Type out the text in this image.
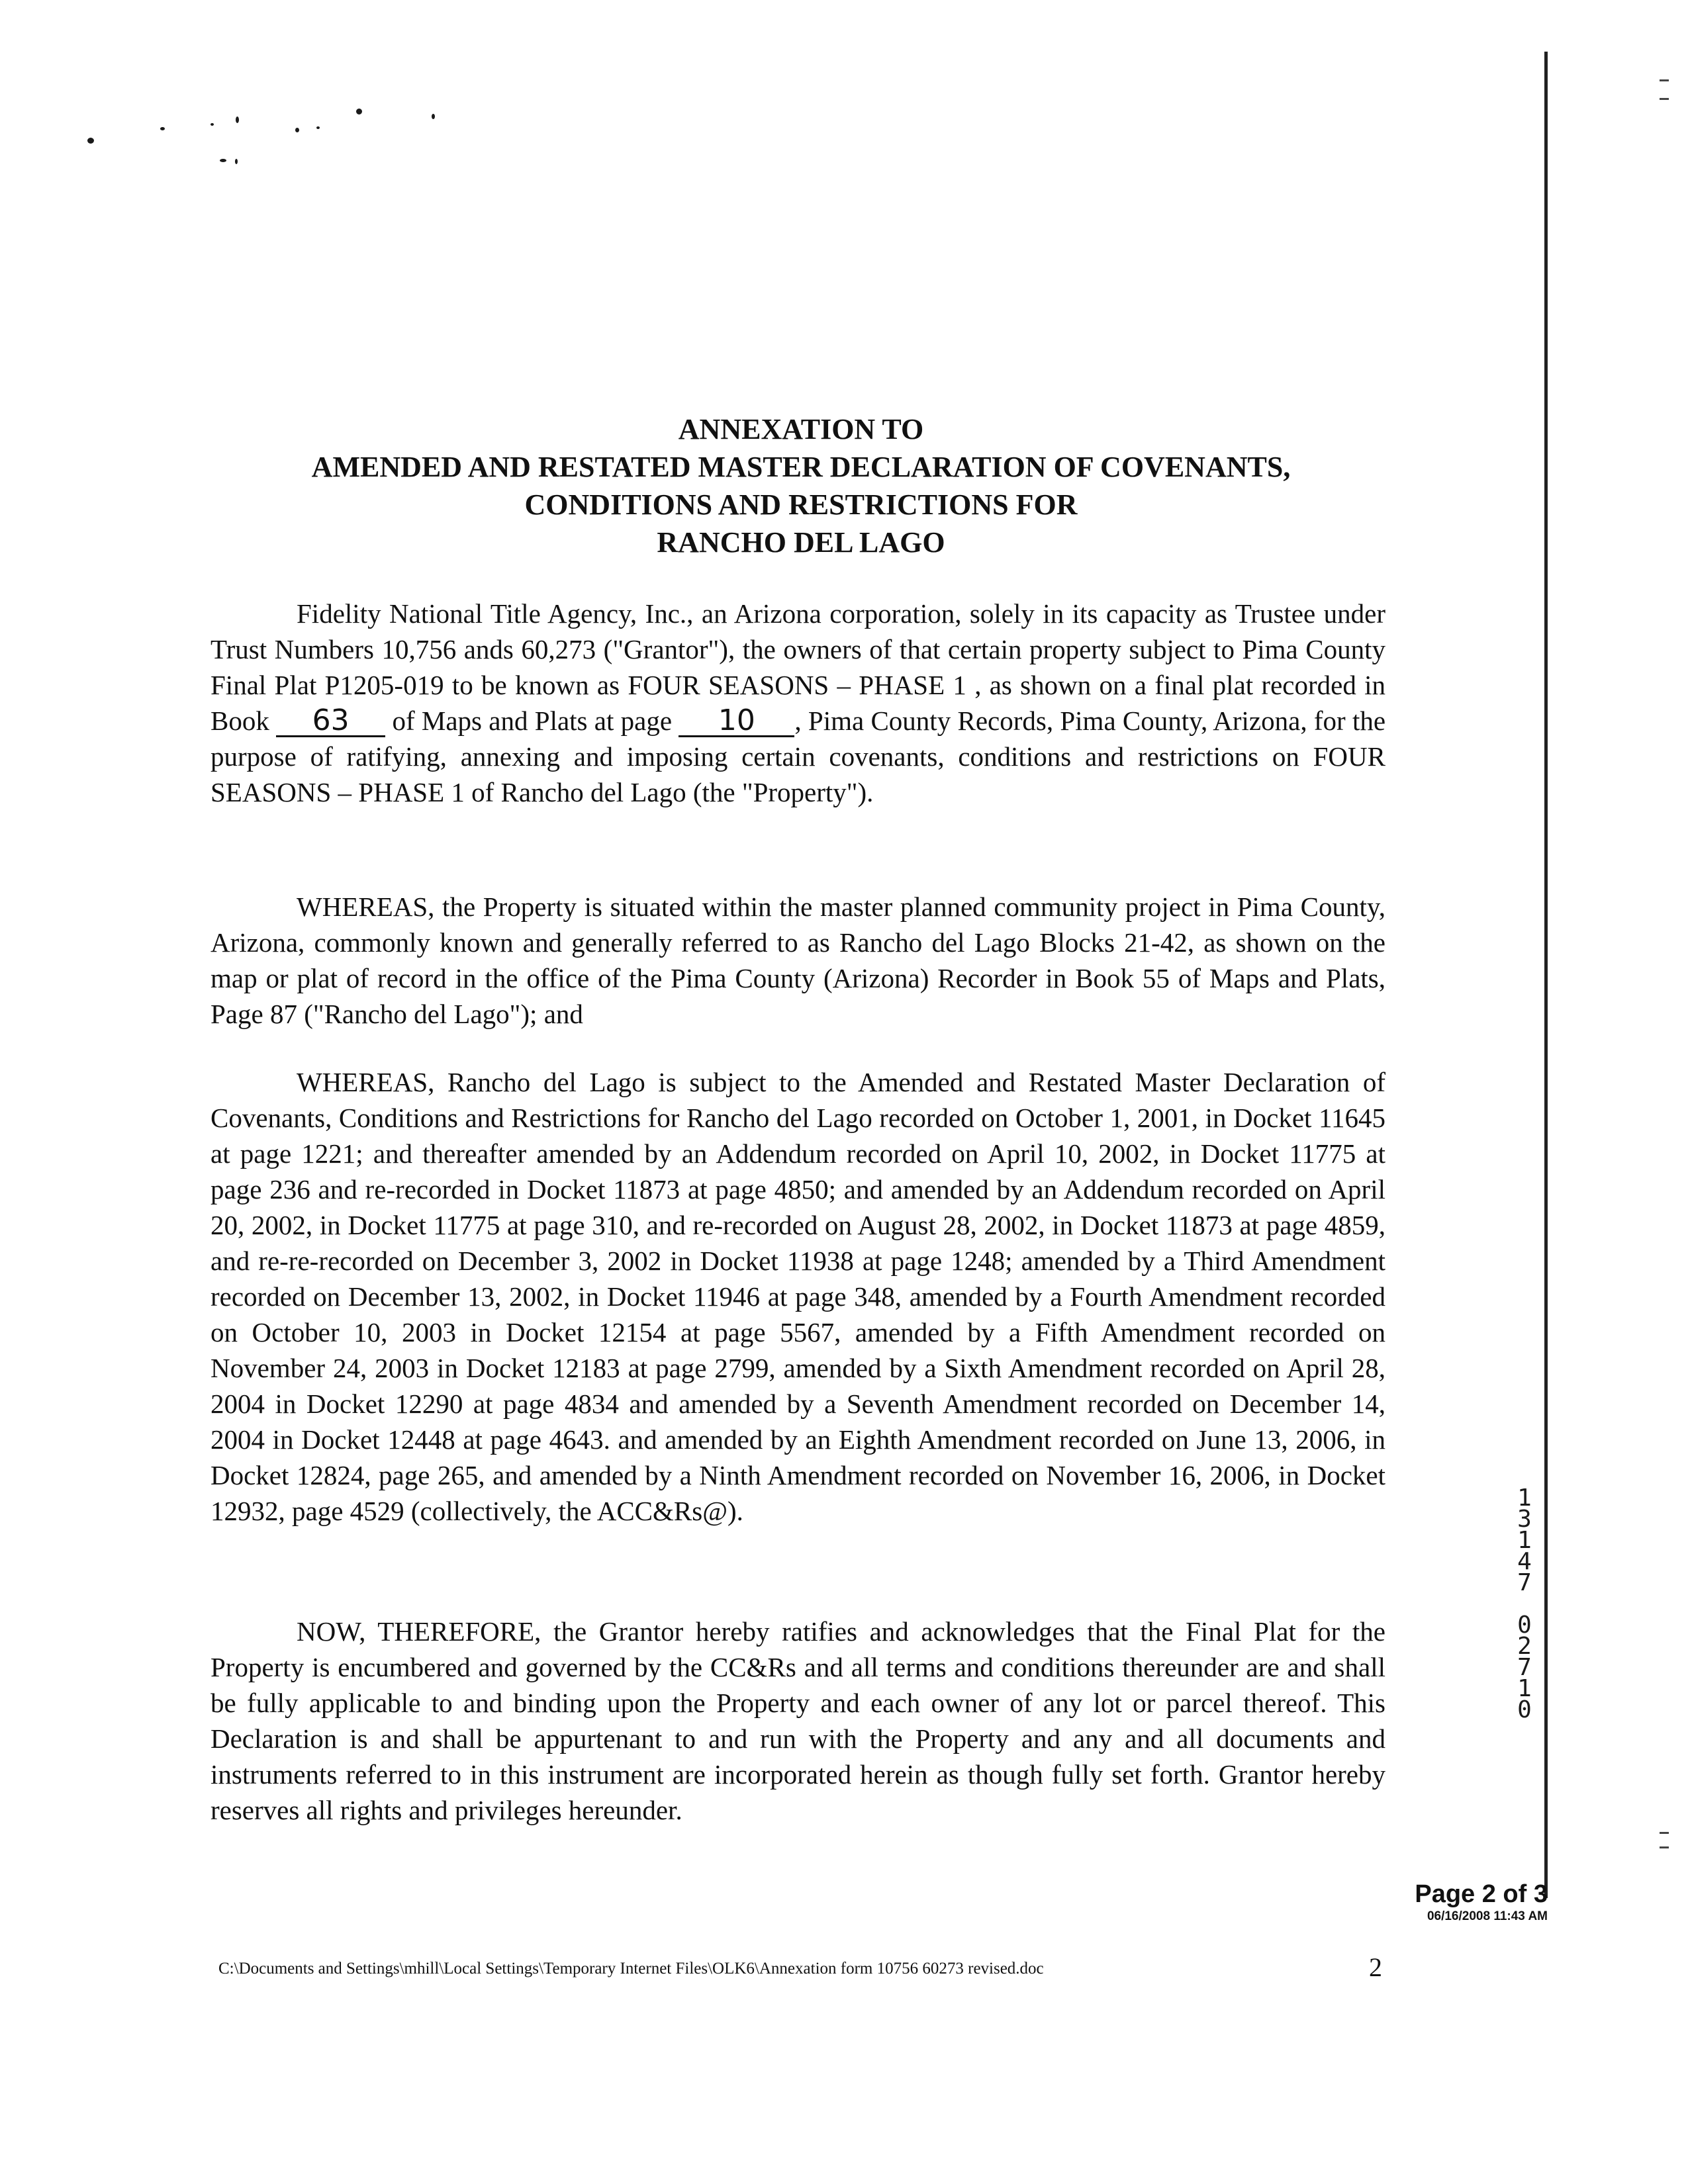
ANNEXATION TO
AMENDED AND RESTATED MASTER DECLARATION OF COVENANTS,
CONDITIONS AND RESTRICTIONS FOR
RANCHO DEL LAGO
Fidelity National Title Agency, Inc., an Arizona corporation, solely in its capacity as Trustee under Trust Numbers 10,756 ands 60,273 ("Grantor"), the owners of that certain property subject to Pima County Final Plat P1205-019 to be known as FOUR SEASONS – PHASE 1 , as shown on a final plat recorded in Book 63 of Maps and Plats at page 10 , Pima County Records, Pima County, Arizona, for the purpose of ratifying, annexing and imposing certain covenants, conditions and restrictions on FOUR SEASONS – PHASE 1 of Rancho del Lago (the "Property").
WHEREAS, the Property is situated within the master planned community project in Pima County, Arizona, commonly known and generally referred to as Rancho del Lago Blocks 21-42, as shown on the map or plat of record in the office of the Pima County (Arizona) Recorder in Book 55 of Maps and Plats, Page 87 ("Rancho del Lago"); and
WHEREAS, Rancho del Lago is subject to the Amended and Restated Master Declaration of Covenants, Conditions and Restrictions for Rancho del Lago recorded on October 1, 2001, in Docket 11645 at page 1221; and thereafter amended by an Addendum recorded on April 10, 2002, in Docket 11775 at page 236 and re-recorded in Docket 11873 at page 4850; and amended by an Addendum recorded on April 20, 2002, in Docket 11775 at page 310, and re-recorded on August 28, 2002, in Docket 11873 at page 4859, and re-re-recorded on December 3, 2002 in Docket 11938 at page 1248; amended by a Third Amendment recorded on December 13, 2002, in Docket 11946 at page 348, amended by a Fourth Amendment recorded on October 10, 2003 in Docket 12154 at page 5567, amended by a Fifth Amendment recorded on November 24, 2003 in Docket 12183 at page 2799, amended by a Sixth Amendment recorded on April 28, 2004 in Docket 12290 at page 4834 and amended by a Seventh Amendment recorded on December 14, 2004 in Docket 12448 at page 4643. and amended by an Eighth Amendment recorded on June 13, 2006, in Docket 12824, page 265, and amended by a Ninth Amendment recorded on November 16, 2006, in Docket 12932, page 4529 (collectively, the ACC&Rs@).
NOW, THEREFORE, the Grantor hereby ratifies and acknowledges that the Final Plat for the Property is encumbered and governed by the CC&Rs and all terms and conditions thereunder are and shall be fully applicable to and binding upon the Property and each owner of any lot or parcel thereof. This Declaration is and shall be appurtenant to and run with the Property and any and all documents and instruments referred to in this instrument are incorporated herein as though fully set forth. Grantor hereby reserves all rights and privileges hereunder.
1
3
1
4
7

0
2
7
1
0
Page 2 of 3
06/16/2008 11:43 AM
C:\Documents and Settings\mhill\Local Settings\Temporary Internet Files\OLK6\Annexation form 10756 60273 revised.doc	2
